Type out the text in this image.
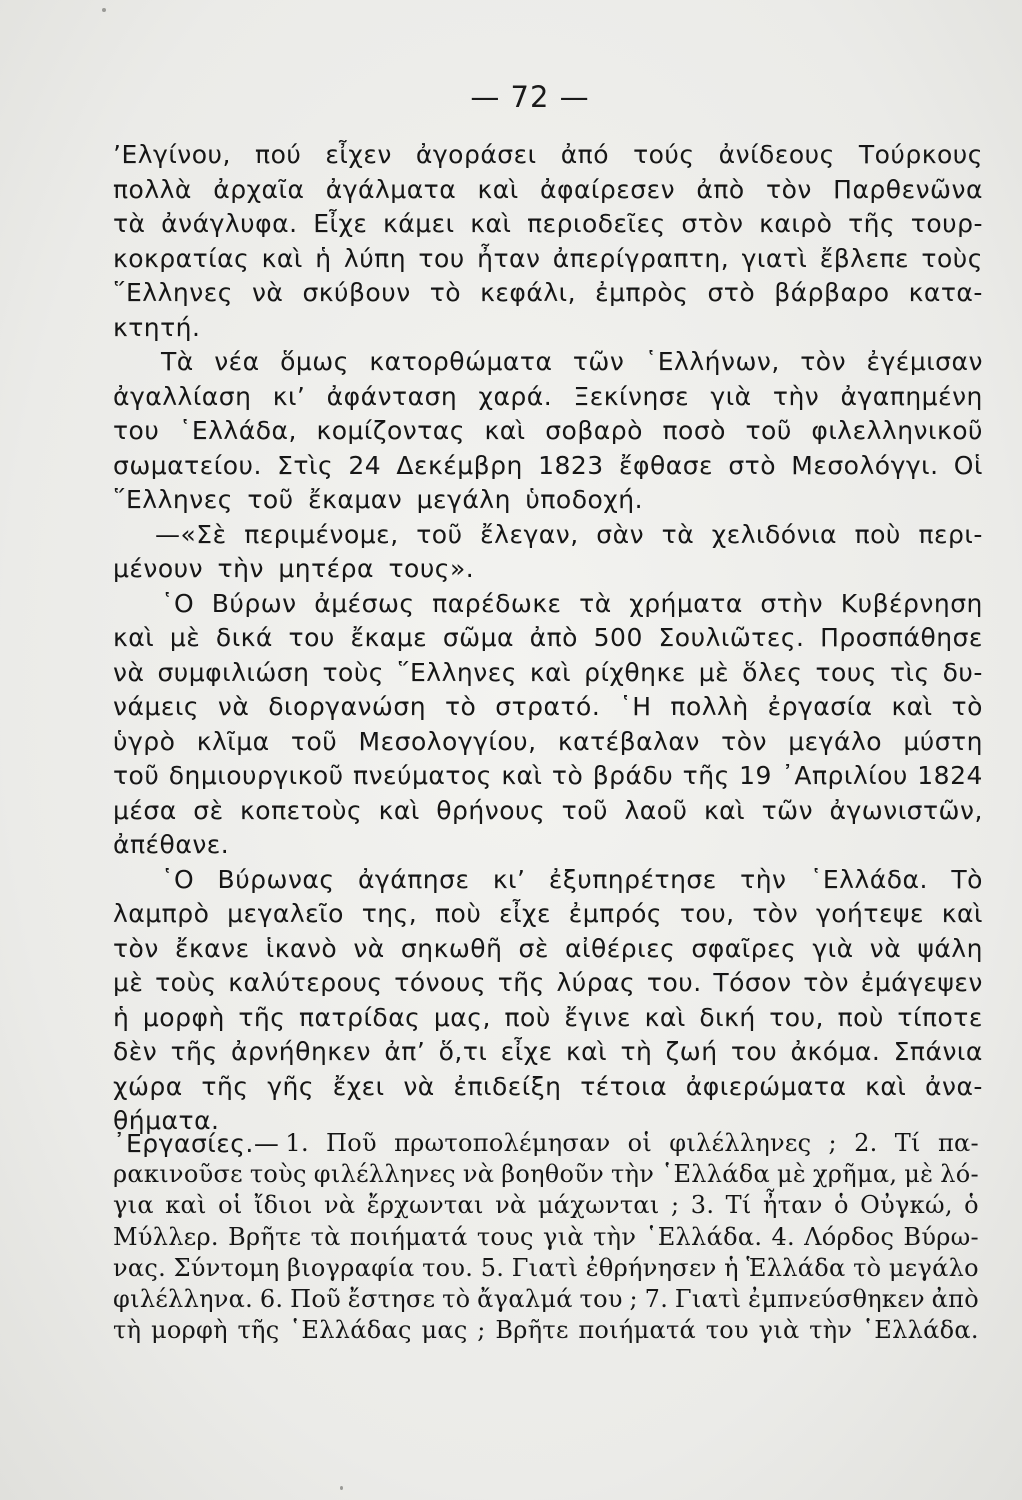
— 72 —
’Ελγίνου, πού εἶχεν ἀγοράσει ἀπό τούς ἀνίδεους Τούρκους
πολλὰ ἀρχαῖα ἀγάλματα καὶ ἀφαίρεσεν ἀπὸ τὸν Παρθενῶνα
τὰ ἀνάγλυφα. Εἶχε κάμει καὶ περιοδεῖες στὸν καιρὸ τῆς τουρ-
κοκρατίας καὶ ἡ λύπη του ἦταν ἀπερίγραπτη, γιατὶ ἔβλεπε τοὺς
῞Ελληνες νὰ σκύβουν τὸ κεφάλι, ἐμπρὸς στὸ βάρβαρο κατα-
κτητή.
Τὰ νέα ὅμως κατορθώματα τῶν ῾Ελλήνων, τὸν ἐγέμισαν
ἀγαλλίαση κι’ ἀφάνταση χαρά. Ξεκίνησε γιὰ τὴν ἀγαπημένη
του ῾Ελλάδα, κομίζοντας καὶ σοβαρὸ ποσὸ τοῦ φιλελληνικοῦ
σωματείου. Στὶς 24 Δεκέμβρη 1823 ἔφθασε στὸ Μεσολόγγι. Οἱ
῞Ελληνες τοῦ ἔκαμαν μεγάλη ὑποδοχή.
—«Σὲ περιμένομε, τοῦ ἔλεγαν, σὰν τὰ χελιδόνια ποὺ περι-
μένουν τὴν μητέρα τους».
῾Ο Βύρων ἀμέσως παρέδωκε τὰ χρήματα στὴν Κυβέρνηση
καὶ μὲ δικά του ἔκαμε σῶμα ἀπὸ 500 Σουλιῶτες. Προσπάθησε
νὰ συμφιλιώση τοὺς ῞Ελληνες καὶ ρίχθηκε μὲ ὅλες τους τὶς δυ-
νάμεις νὰ διοργανώση τὸ στρατό. ῾Η πολλὴ ἐργασία καὶ τὸ
ὑγρὸ κλῖμα τοῦ Μεσολογγίου, κατέβαλαν τὸν μεγάλο μύστη
τοῦ δημιουργικοῦ πνεύματος καὶ τὸ βράδυ τῆς 19 ᾿Απριλίου 1824
μέσα σὲ κοπετοὺς καὶ θρήνους τοῦ λαοῦ καὶ τῶν ἀγωνιστῶν,
ἀπέθανε.
῾Ο Βύρωνας ἀγάπησε κι’ ἐξυπηρέτησε τὴν ῾Ελλάδα. Τὸ
λαμπρὸ μεγαλεῖο της, ποὺ εἶχε ἐμπρός του, τὸν γοήτεψε καὶ
τὸν ἔκανε ἱκανὸ νὰ σηκωθῆ σὲ αἰθέριες σφαῖρες γιὰ νὰ ψάλη
μὲ τοὺς καλύτερους τόνους τῆς λύρας του. Τόσον τὸν ἐμάγεψεν
ἡ μορφὴ τῆς πατρίδας μας, ποὺ ἔγινε καὶ δική του, ποὺ τίποτε
δὲν τῆς ἀρνήθηκεν ἀπ’ ὅ,τι εἶχε καὶ τὴ ζωή του ἀκόμα. Σπάνια
χώρα τῆς γῆς ἔχει νὰ ἐπιδείξη τέτοια ἀφιερώματα καὶ ἀνα-
θήματα.
᾿Εργασίες.— 1. Ποῦ πρωτοπολέμησαν οἱ φιλέλληνες ; 2. Τί πα-
ρακινοῦσε τοὺς φιλέλληνες νὰ βοηθοῦν τὴν ῾Ελλάδα μὲ χρῆμα, μὲ λό-
για καὶ οἱ ἴδιοι νὰ ἔρχωνται νὰ μάχωνται ; 3. Τί ἦταν ὁ Οὐγκώ, ὁ
Μύλλερ. Βρῆτε τὰ ποιήματά τους γιὰ τὴν ῾Ελλάδα. 4. Λόρδος Βύρω-
νας. Σύντομη βιογραφία του. 5. Γιατὶ ἐθρήνησεν ἡ Ἑλλάδα τὸ μεγάλο
φιλέλληνα. 6. Ποῦ ἔστησε τὸ ἄγαλμά του ; 7. Γιατὶ ἐμπνεύσθηκεν ἀπὸ
τὴ μορφὴ τῆς ῾Ελλάδας μας ; Βρῆτε ποιήματά του γιὰ τὴν ῾Ελλάδα.
